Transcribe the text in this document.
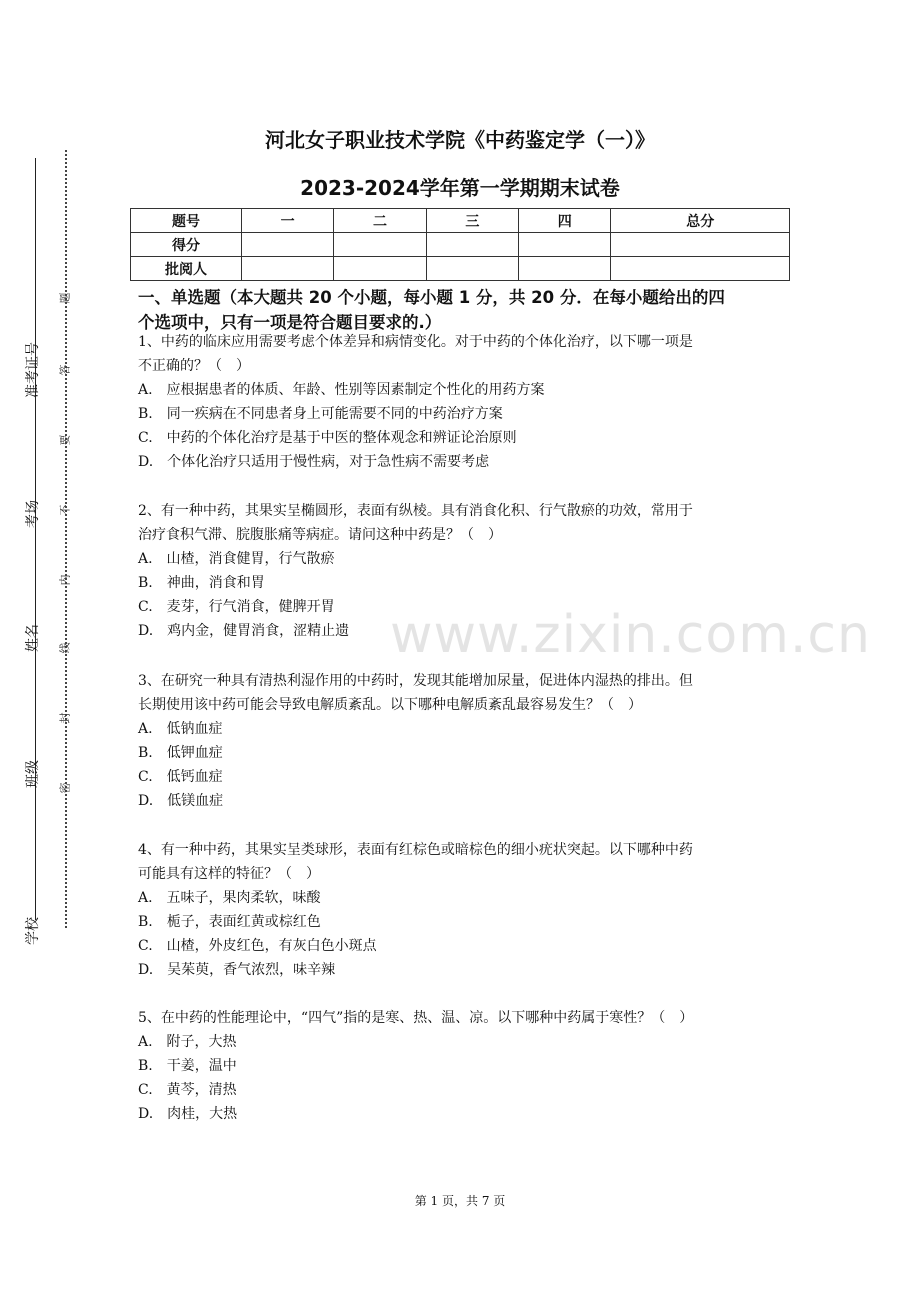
准考证号
考场
姓名
班级
学校
题
答
要
不
内
线
封
密
河北女子职业技术学院《中药鉴定学（一）》
2023-2024学年第一学期期末试卷
题号	一	二	三	四	总分
得分					
批阅人					
一、单选题（本大题共 20 个小题，每小题 1 分，共 20 分．在每小题给出的四
个选项中，只有一项是符合题目要求的.）
www.zixin.com.cn
1、中药的临床应用需要考虑个体差异和病情变化。对于中药的个体化治疗，以下哪一项是
不正确的？（　）
A.　应根据患者的体质、年龄、性别等因素制定个性化的用药方案
B.　同一疾病在不同患者身上可能需要不同的中药治疗方案
C.　中药的个体化治疗是基于中医的整体观念和辨证论治原则
D.　个体化治疗只适用于慢性病，对于急性病不需要考虑
2、有一种中药，其果实呈椭圆形，表面有纵棱。具有消食化积、行气散瘀的功效，常用于
治疗食积气滞、脘腹胀痛等病症。请问这种中药是？（　）
A.　山楂，消食健胃，行气散瘀
B.　神曲，消食和胃
C.　麦芽，行气消食，健脾开胃
D.　鸡内金，健胃消食，涩精止遗
3、在研究一种具有清热利湿作用的中药时，发现其能增加尿量，促进体内湿热的排出。但
长期使用该中药可能会导致电解质紊乱。以下哪种电解质紊乱最容易发生？（　）
A.　低钠血症
B.　低钾血症
C.　低钙血症
D.　低镁血症
4、有一种中药，其果实呈类球形，表面有红棕色或暗棕色的细小疣状突起。以下哪种中药
可能具有这样的特征？（　）
A.　五味子，果肉柔软，味酸
B.　栀子，表面红黄或棕红色
C.　山楂，外皮红色，有灰白色小斑点
D.　吴茱萸，香气浓烈，味辛辣
5、在中药的性能理论中，“四气”指的是寒、热、温、凉。以下哪种中药属于寒性？（　）
A.　附子，大热
B.　干姜，温中
C.　黄芩，清热
D.　肉桂，大热
第 1 页，共 7 页
